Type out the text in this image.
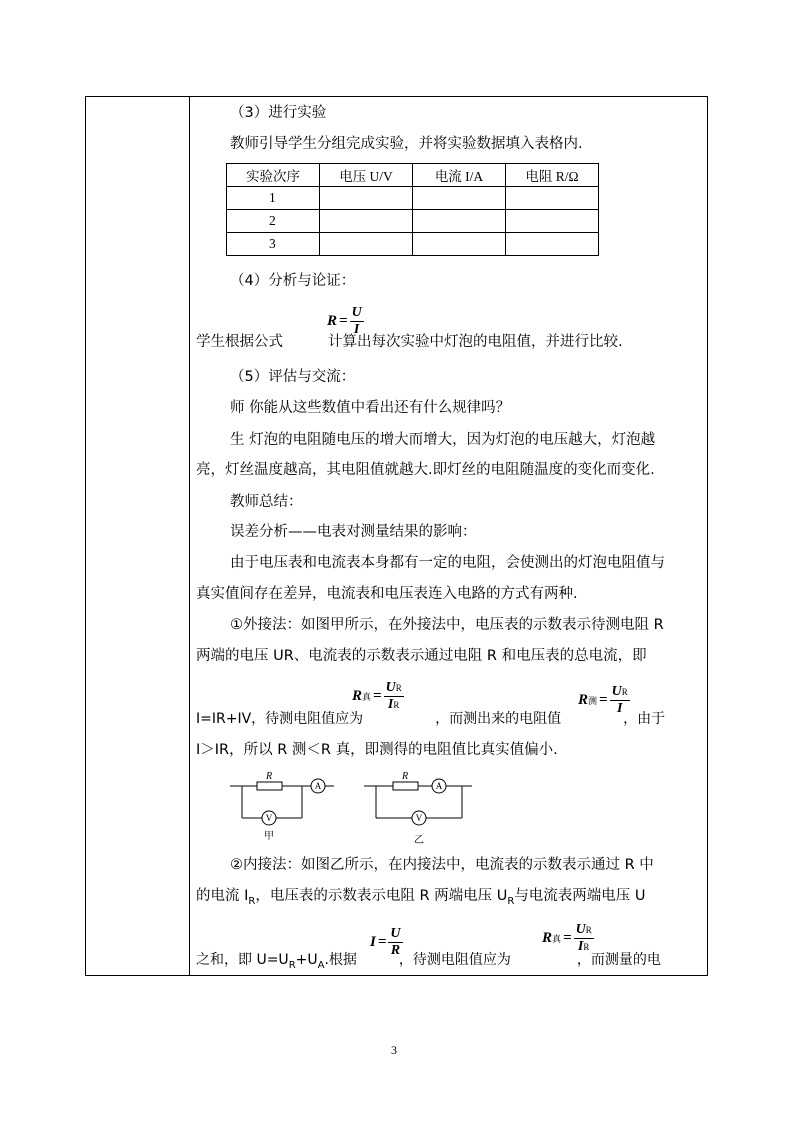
（3）进行实验
教师引导学生分组完成实验，并将实验数据填入表格内.
实验次序	电压 U/V	电流 I/A	电阻 R/Ω
1			
2			
3			
（4）分析与论证：
学生根据公式	计算出每次实验中灯泡的电阻值，并进行比较.
$R = \frac{U}{I}$
（5）评估与交流：
师 你能从这些数值中看出还有什么规律吗？
生 灯泡的电阻随电压的增大而增大，因为灯泡的电压越大，灯泡越
亮，灯丝温度越高，其电阻值就越大.即灯丝的电阻随温度的变化而变化.
教师总结：
误差分析——电表对测量结果的影响：
由于电压表和电流表本身都有一定的电阻，会使测出的灯泡电阻值与
真实值间存在差异，电流表和电压表连入电路的方式有两种.
①外接法：如图甲所示，在外接法中，电压表的示数表示待测电阻 R
两端的电压 UR、电流表的示数表示通过电阻 R 和电压表的总电流，即
I=IR+IV，待测电阻值应为	，而测出来的电阻值	，由于
R真 = $\frac{UR}{IR}$	R测 = $\frac{UR}{I}$
I＞IR，所以 R 测＜R 真，即测得的电阻值比真实值偏小.
R
A
V
甲
R
A
V
乙
②内接法：如图乙所示，在内接法中，电流表的示数表示通过 R 中
的电流 $I_R$，电压表的示数表示电阻 R 两端电压 $U_R$与电流表两端电压 U
之和，即 $U=U_R+U_A$.根据	，待测电阻值应为	，而测量的电
$I = \frac{U}{R}$	R真 = $\frac{UR}{IR}$
3
